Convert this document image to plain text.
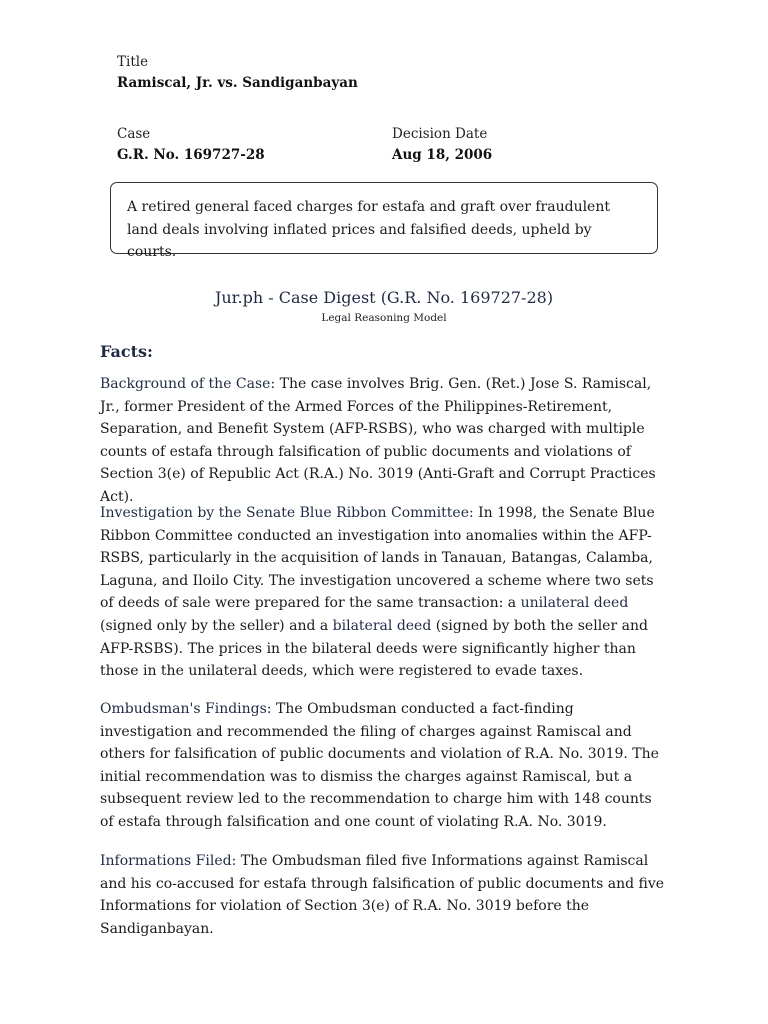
Title
Ramiscal, Jr. vs. Sandiganbayan
Case
G.R. No. 169727-28
Decision Date
Aug 18, 2006
A retired general faced charges for estafa and graft over fraudulent land deals involving inflated prices and falsified deeds, upheld by courts.
Jur.ph - Case Digest (G.R. No. 169727-28)
Legal Reasoning Model
Facts:

Background of the Case: The case involves Brig. Gen. (Ret.) Jose S. Ramiscal, Jr., former President of the Armed Forces of the Philippines-Retirement, Separation, and Benefit System (AFP-RSBS), who was charged with multiple counts of estafa through falsification of public documents and violations of Section 3(e) of Republic Act (R.A.) No. 3019 (Anti-Graft and Corrupt Practices Act).

Investigation by the Senate Blue Ribbon Committee: In 1998, the Senate Blue Ribbon Committee conducted an investigation into anomalies within the AFP-RSBS, particularly in the acquisition of lands in Tanauan, Batangas, Calamba, Laguna, and Iloilo City. The investigation uncovered a scheme where two sets of deeds of sale were prepared for the same transaction: a unilateral deed (signed only by the seller) and a bilateral deed (signed by both the seller and AFP-RSBS). The prices in the bilateral deeds were significantly higher than those in the unilateral deeds, which were registered to evade taxes.

Ombudsman's Findings: The Ombudsman conducted a fact-finding investigation and recommended the filing of charges against Ramiscal and others for falsification of public documents and violation of R.A. No. 3019. The initial recommendation was to dismiss the charges against Ramiscal, but a subsequent review led to the recommendation to charge him with 148 counts of estafa through falsification and one count of violating R.A. No. 3019.

Informations Filed: The Ombudsman filed five Informations against Ramiscal and his co-accused for estafa through falsification of public documents and five Informations for violation of Section 3(e) of R.A. No. 3019 before the Sandiganbayan.
